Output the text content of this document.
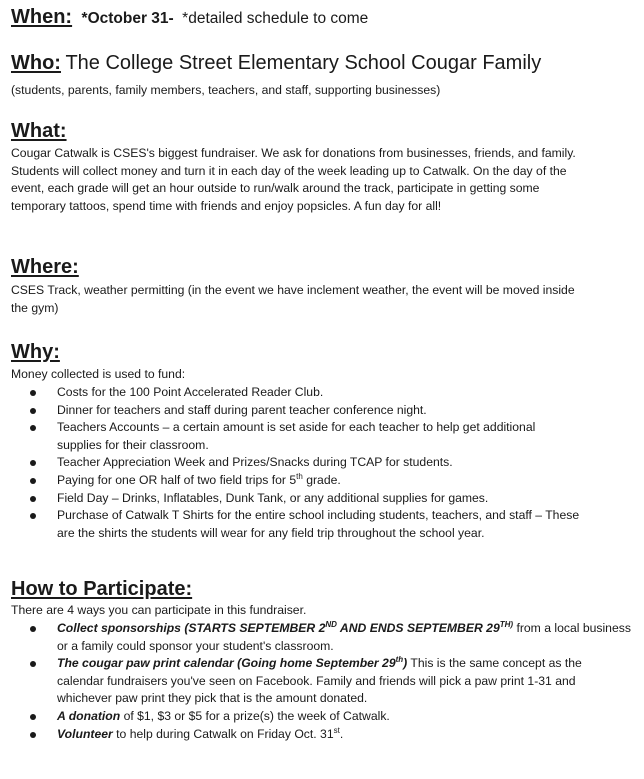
When: *October 31- *detailed schedule to come
Who: The College Street Elementary School Cougar Family

(students, parents, family members, teachers, and staff, supporting businesses)

What:

Cougar Catwalk is CSES's biggest fundraiser. We ask for donations from businesses, friends, and family.
Students will collect money and turn it in each day of the week leading up to Catwalk. On the day of the
event, each grade will get an hour outside to run/walk around the track, participate in getting some
temporary tattoos, spend time with friends and enjoy popsicles. A fun day for all!

Where:

CSES Track, weather permitting (in the event we have inclement weather, the event will be moved inside
the gym)

Why:

Money collected is used to fund:

Costs for the 100 Point Accelerated Reader Club.
Dinner for teachers and staff during parent teacher conference night.
Teachers Accounts – a certain amount is set aside for each teacher to help get additional
supplies for their classroom.
Teacher Appreciation Week and Prizes/Snacks during TCAP for students.
Paying for one OR half of two field trips for 5th grade.
Field Day – Drinks, Inflatables, Dunk Tank, or any additional supplies for games.
Purchase of Catwalk T Shirts for the entire school including students, teachers, and staff – These
are the shirts the students will wear for any field trip throughout the school year.
How to Participate:

There are 4 ways you can participate in this fundraiser.

Collect sponsorships (STARTS SEPTEMBER 2ND AND ENDS SEPTEMBER $29^{TH)}$ from a local business
or a family could sponsor your student's classroom.
The cougar paw print calendar (Going home September 29th) This is the same concept as the
calendar fundraisers you've seen on Facebook. Family and friends will pick a paw print 1-31 and
whichever paw print they pick that is the amount donated.
A donation of $1, $3 or $5 for a prize(s) the week of Catwalk.
Volunteer to help during Catwalk on Friday Oct. 31st.
